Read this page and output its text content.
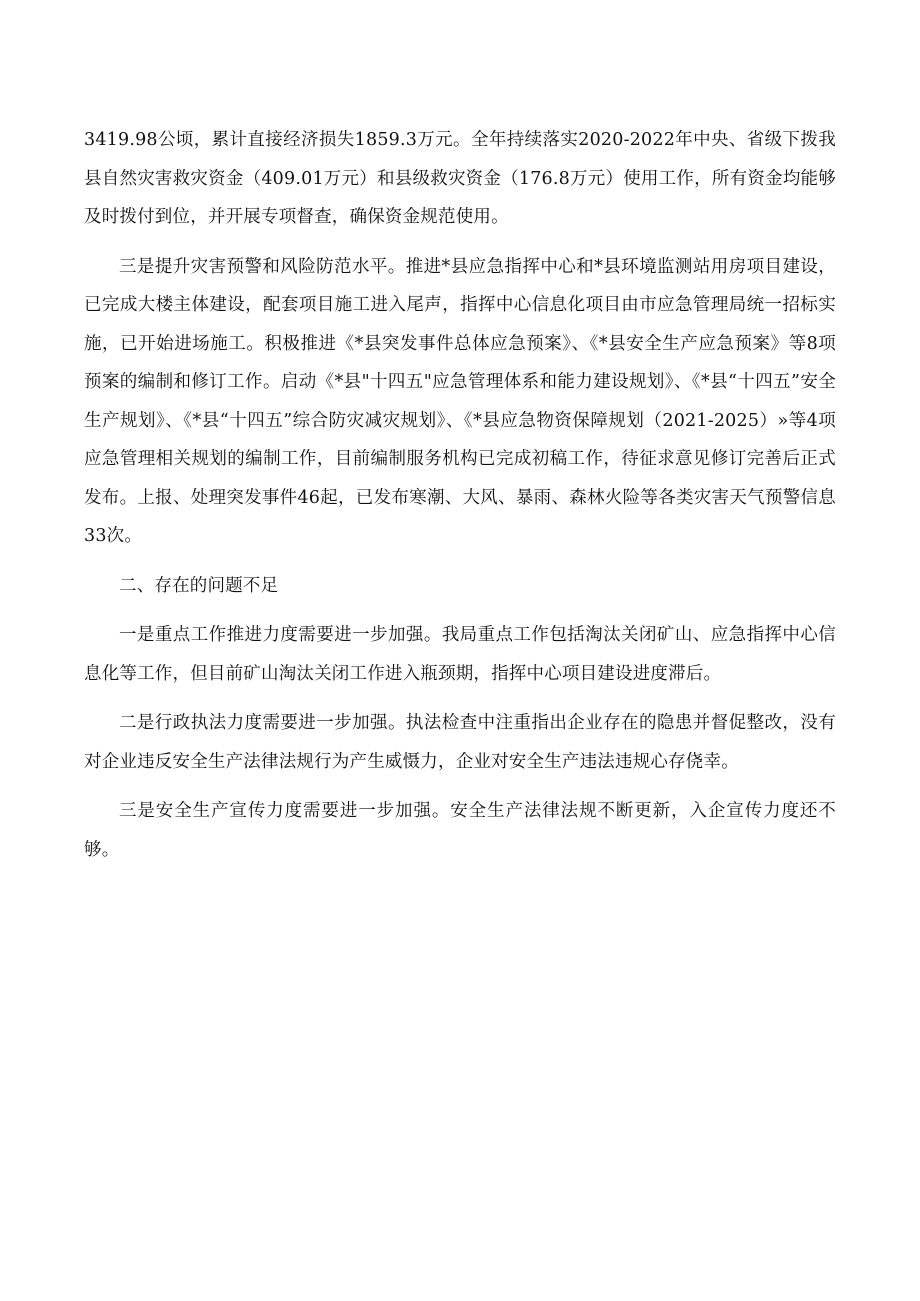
3419.98公顷，累计直接经济损失1859.3万元。全年持续落实2020-2022年中央、省级下拨我县自然灾害救灾资金（409.01万元）和县级救灾资金（176.8万元）使用工作，所有资金均能够及时拨付到位，并开展专项督查，确保资金规范使用。

三是提升灾害预警和风险防范水平。推进*县应急指挥中心和*县环境监测站用房项目建设，已完成大楼主体建设，配套项目施工进入尾声，指挥中心信息化项目由市应急管理局统一招标实施，已开始进场施工。积极推进《*县突发事件总体应急预案》、《*县安全生产应急预案》等8项预案的编制和修订工作。启动《*县"十四五"应急管理体系和能力建设规划》、《*县“十四五”安全生产规划》、《*县“十四五”综合防灾减灾规划》、《*县应急物资保障规划（2021-2025）»等4项应急管理相关规划的编制工作，目前编制服务机构已完成初稿工作，待征求意见修订完善后正式发布。上报、处理突发事件46起，已发布寒潮、大风、暴雨、森林火险等各类灾害天气预警信息33次。

二、存在的问题不足

一是重点工作推进力度需要进一步加强。我局重点工作包括淘汰关闭矿山、应急指挥中心信息化等工作，但目前矿山淘汰关闭工作进入瓶颈期，指挥中心项目建设进度滞后。

二是行政执法力度需要进一步加强。执法检查中注重指出企业存在的隐患并督促整改，没有对企业违反安全生产法律法规行为产生威慑力，企业对安全生产违法违规心存侥幸。

三是安全生产宣传力度需要进一步加强。安全生产法律法规不断更新，入企宣传力度还不够。
